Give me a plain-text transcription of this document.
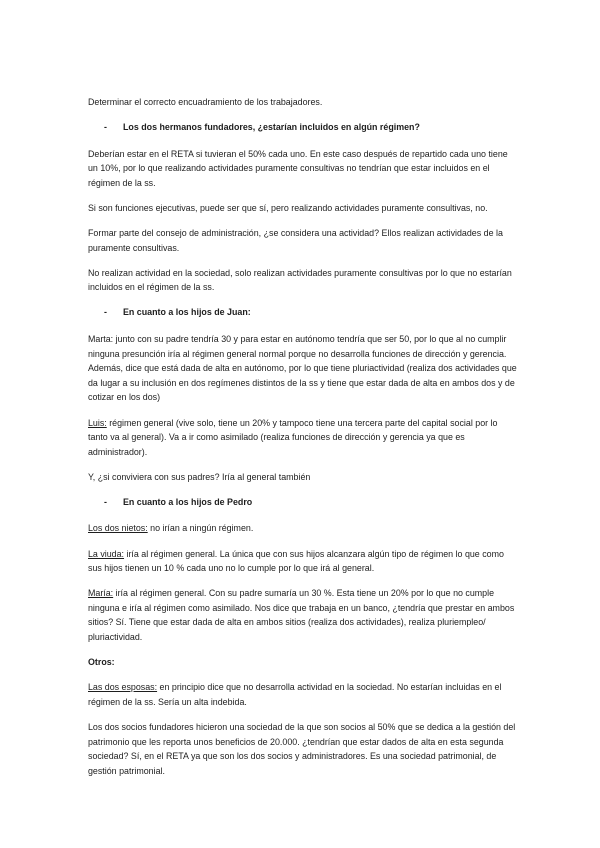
Determinar el correcto encuadramiento de los trabajadores.

-	Los dos hermanos fundadores, ¿estarían incluidos en algún régimen?

Deberían estar en el RETA si tuvieran el 50% cada uno. En este caso después de repartido cada uno tiene un 10%, por lo que realizando actividades puramente consultivas no tendrían que estar incluidos en el régimen de la ss.

Si son funciones ejecutivas, puede ser que sí, pero realizando actividades puramente consultivas, no.

Formar parte del consejo de administración, ¿se considera una actividad? Ellos realizan actividades de la puramente consultivas.

No realizan actividad en la sociedad, solo realizan actividades puramente consultivas por lo que no estarían incluidos en el régimen de la ss.

-	En cuanto a los hijos de Juan:

Marta: junto con su padre tendría 30 y para estar en autónomo tendría que ser 50, por lo que al no cumplir ninguna presunción iría al régimen general normal porque no desarrolla funciones de dirección y gerencia. Además, dice que está dada de alta en autónomo, por lo que tiene pluriactividad (realiza dos actividades que da lugar a su inclusión en dos regímenes distintos de la ss y tiene que estar dada de alta en ambos dos y de cotizar en los dos)

Luis: régimen general (vive solo, tiene un 20% y tampoco tiene una tercera parte del capital social por lo tanto va al general). Va a ir como asimilado (realiza funciones de dirección y gerencia ya que es administrador).

Y, ¿si conviviera con sus padres? Iría al general también

-	En cuanto a los hijos de Pedro

Los dos nietos: no irían a ningún régimen.

La viuda: iría al régimen general. La única que con sus hijos alcanzara algún tipo de régimen lo que como sus hijos tienen un 10 % cada uno no lo cumple por lo que irá al general.

María: iría al régimen general. Con su padre sumaría un 30 %. Esta tiene un 20% por lo que no cumple ninguna e iría al régimen como asimilado. Nos dice que trabaja en un banco, ¿tendría que prestar en ambos sitios? Sí. Tiene que estar dada de alta en ambos sitios (realiza dos actividades), realiza pluriempleo/ pluriactividad.

Otros:

Las dos esposas: en principio dice que no desarrolla actividad en la sociedad. No estarían incluidas en el régimen de la ss. Sería un alta indebida.

Los dos socios fundadores hicieron una sociedad de la que son socios al 50% que se dedica a la gestión del patrimonio que les reporta unos beneficios de 20.000. ¿tendrían que estar dados de alta en esta segunda sociedad? Sí, en el RETA ya que son los dos socios y administradores. Es una sociedad patrimonial, de gestión patrimonial.
